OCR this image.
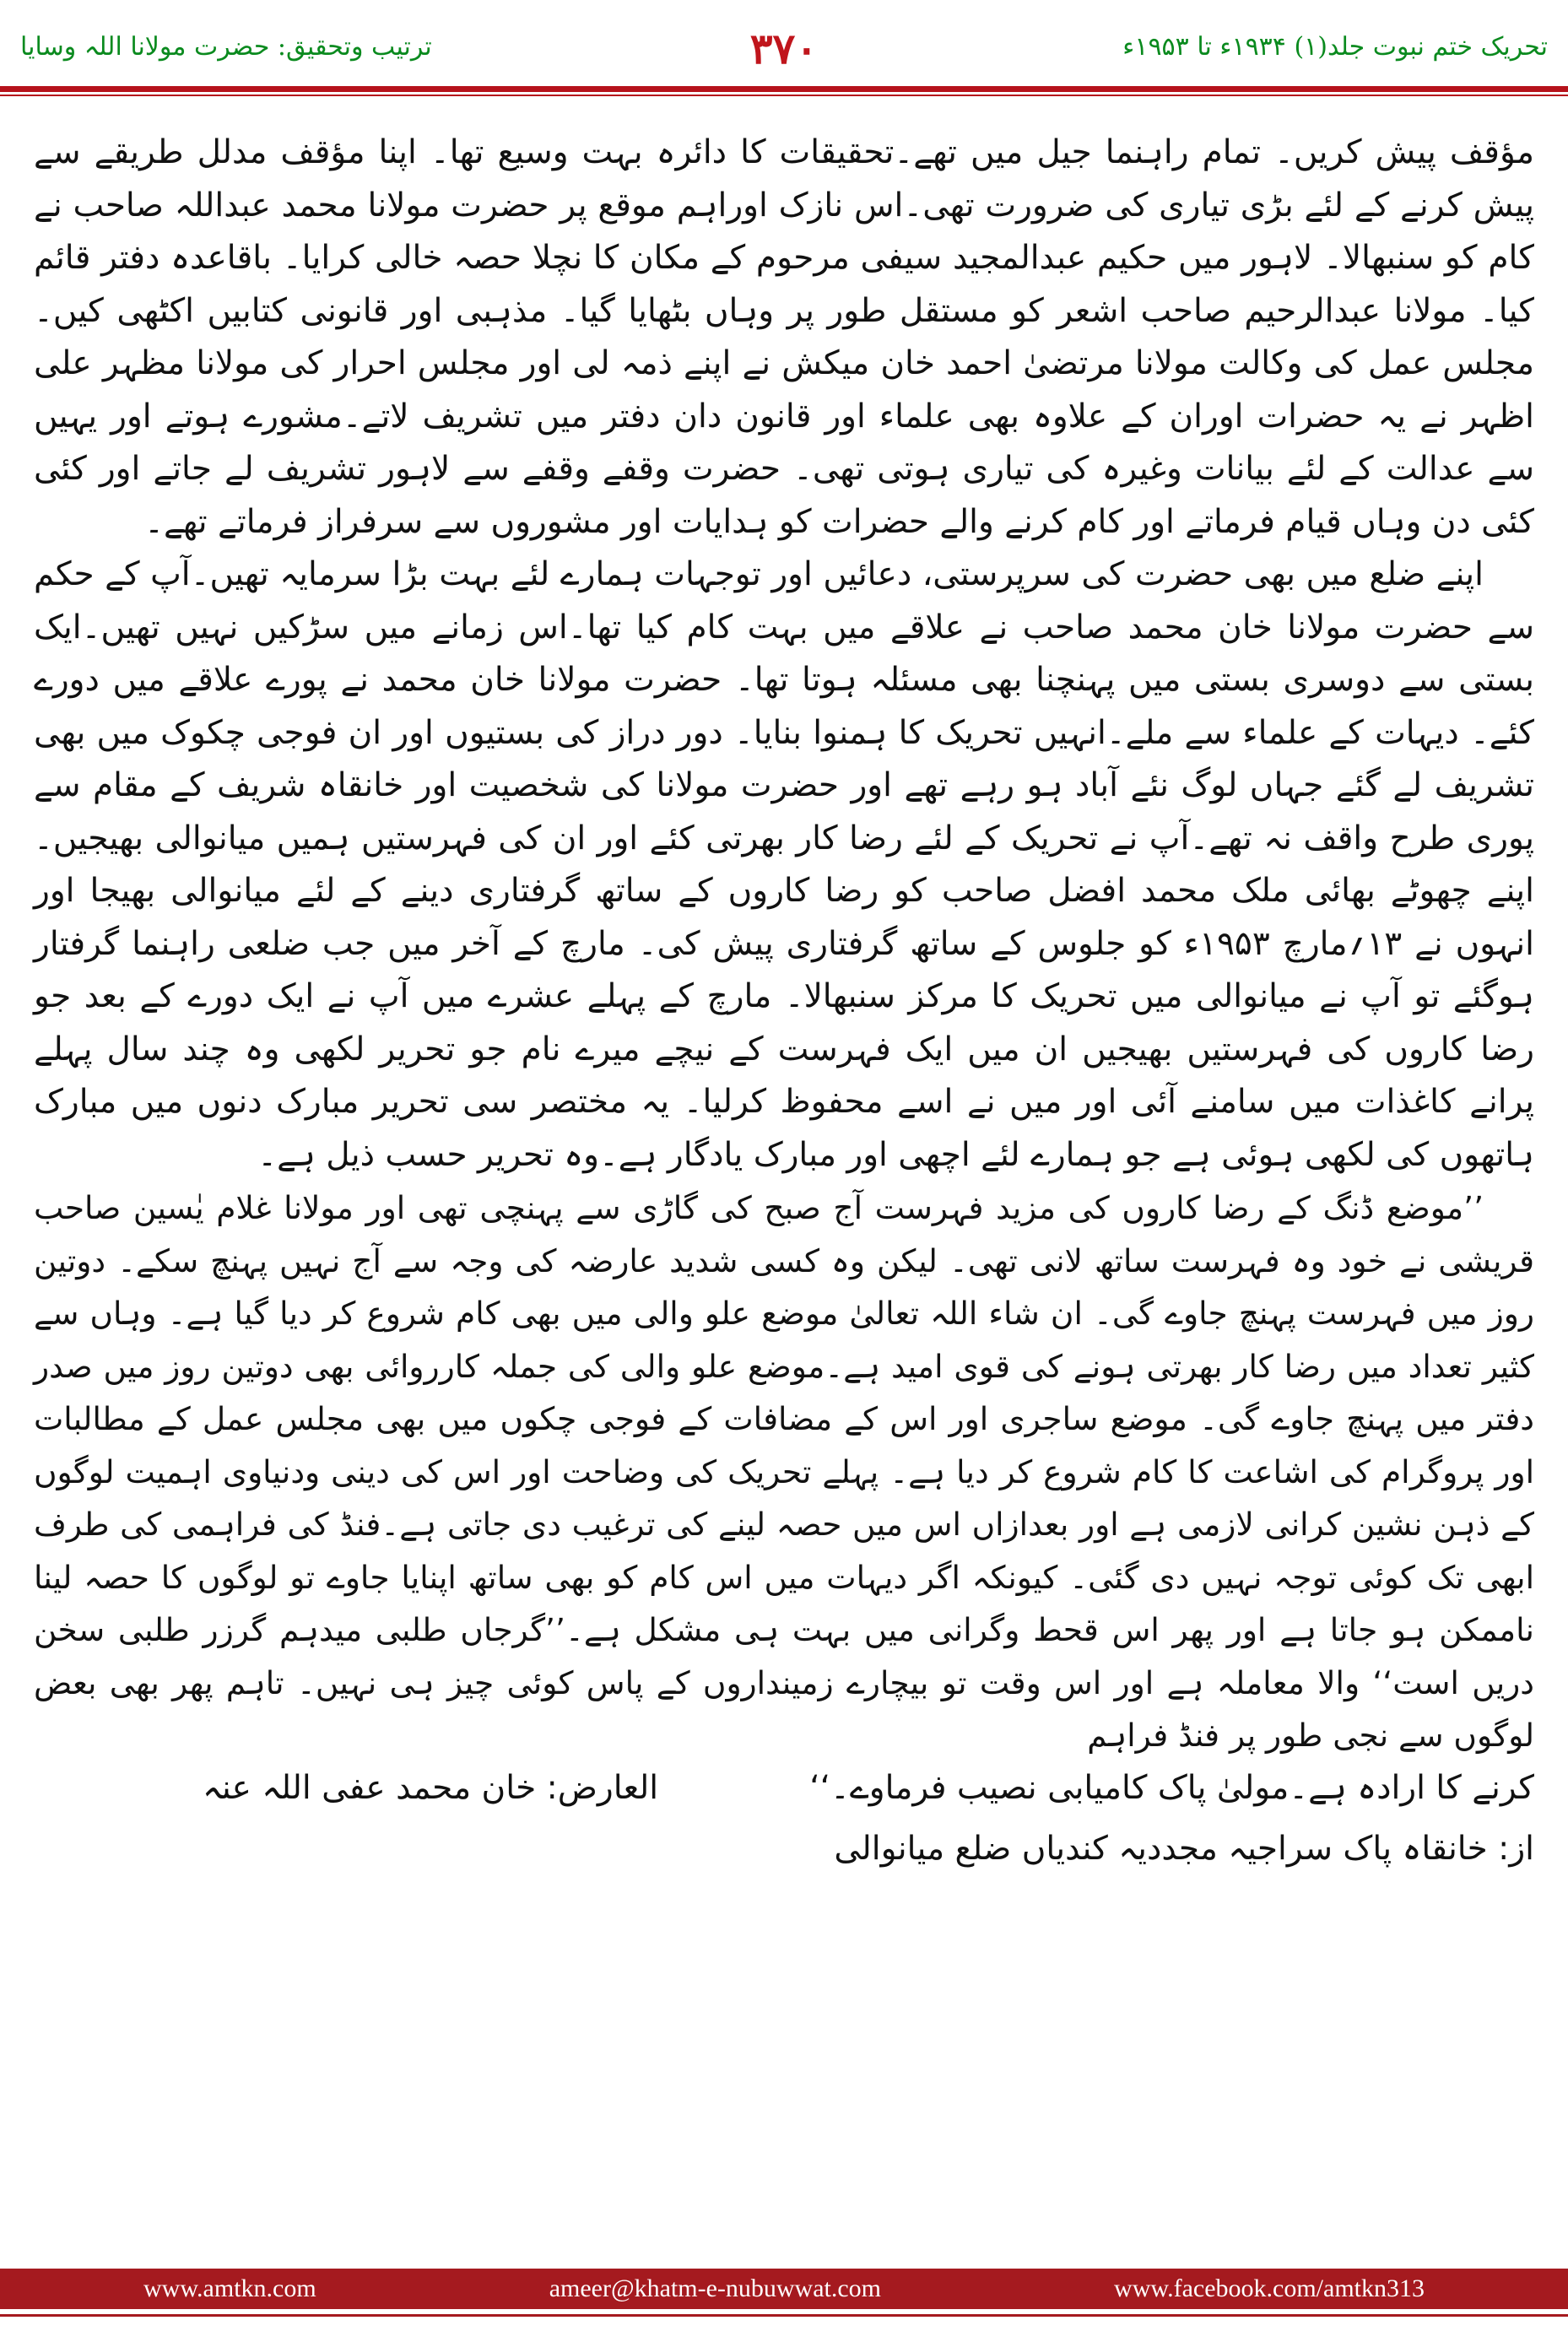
ترتیب وتحقیق: حضرت مولانا اللہ وسایا	۳۷۰	تحریک ختم نبوت جلد(۱) ۱۹۳۴ء تا ۱۹۵۳ء

مؤقف پیش کریں۔ تمام راہنما جیل میں تھے۔تحقیقات کا دائرہ بہت وسیع تھا۔ اپنا مؤقف مدلل طریقے سے پیش کرنے کے لئے بڑی تیاری کی ضرورت تھی۔اس نازک اوراہم موقع پر حضرت مولانا محمد عبداللہ صاحب نے کام کو سنبھالا۔ لاہور میں حکیم عبدالمجید سیفی مرحوم کے مکان کا نچلا حصہ خالی کرایا۔ باقاعدہ دفتر قائم کیا۔ مولانا عبدالرحیم صاحب اشعر کو مستقل طور پر وہاں بٹھایا گیا۔ مذہبی اور قانونی کتابیں اکٹھی کیں۔ مجلس عمل کی وکالت مولانا مرتضیٰ احمد خان میکش نے اپنے ذمہ لی اور مجلس احرار کی مولانا مظہر علی اظہر نے یہ حضرات اوران کے علاوہ بھی علماء اور قانون دان دفتر میں تشریف لاتے۔مشورے ہوتے اور یہیں سے عدالت کے لئے بیانات وغیرہ کی تیاری ہوتی تھی۔ حضرت وقفے وقفے سے لاہور تشریف لے جاتے اور کئی کئی دن وہاں قیام فرماتے اور کام کرنے والے حضرات کو ہدایات اور مشوروں سے سرفراز فرماتے تھے۔

اپنے ضلع میں بھی حضرت کی سرپرستی، دعائیں اور توجہات ہمارے لئے بہت بڑا سرمایہ تھیں۔آپ کے حکم سے حضرت مولانا خان محمد صاحب نے علاقے میں بہت کام کیا تھا۔اس زمانے میں سڑکیں نہیں تھیں۔ایک بستی سے دوسری بستی میں پہنچنا بھی مسئلہ ہوتا تھا۔ حضرت مولانا خان محمد نے پورے علاقے میں دورے کئے۔ دیہات کے علماء سے ملے۔انہیں تحریک کا ہمنوا بنایا۔ دور دراز کی بستیوں اور ان فوجی چکوک میں بھی تشریف لے گئے جہاں لوگ نئے آباد ہو رہے تھے اور حضرت مولانا کی شخصیت اور خانقاہ شریف کے مقام سے پوری طرح واقف نہ تھے۔آپ نے تحریک کے لئے رضا کار بھرتی کئے اور ان کی فہرستیں ہمیں میانوالی بھیجیں۔ اپنے چھوٹے بھائی ملک محمد افضل صاحب کو رضا کاروں کے ساتھ گرفتاری دینے کے لئے میانوالی بھیجا اور انہوں نے ۱۳؍مارچ ۱۹۵۳ء کو جلوس کے ساتھ گرفتاری پیش کی۔ مارچ کے آخر میں جب ضلعی راہنما گرفتار ہوگئے تو آپ نے میانوالی میں تحریک کا مرکز سنبھالا۔ مارچ کے پہلے عشرے میں آپ نے ایک دورے کے بعد جو رضا کاروں کی فہرستیں بھیجیں ان میں ایک فہرست کے نیچے میرے نام جو تحریر لکھی وہ چند سال پہلے پرانے کاغذات میں سامنے آئی اور میں نے اسے محفوظ کرلیا۔ یہ مختصر سی تحریر مبارک دنوں میں مبارک ہاتھوں کی لکھی ہوئی ہے جو ہمارے لئے اچھی اور مبارک یادگار ہے۔وہ تحریر حسب ذیل ہے۔

’’موضع ڈنگ کے رضا کاروں کی مزید فہرست آج صبح کی گاڑی سے پہنچی تھی اور مولانا غلام یٰسین صاحب قریشی نے خود وہ فہرست ساتھ لانی تھی۔ لیکن وہ کسی شدید عارضہ کی وجہ سے آج نہیں پہنچ سکے۔ دوتین روز میں فہرست پہنچ جاوے گی۔ ان شاء اللہ تعالیٰ موضع علو والی میں بھی کام شروع کر دیا گیا ہے۔ وہاں سے کثیر تعداد میں رضا کار بھرتی ہونے کی قوی امید ہے۔موضع علو والی کی جملہ کارروائی بھی دوتین روز میں صدر دفتر میں پہنچ جاوے گی۔ موضع ساجری اور اس کے مضافات کے فوجی چکوں میں بھی مجلس عمل کے مطالبات اور پروگرام کی اشاعت کا کام شروع کر دیا ہے۔ پہلے تحریک کی وضاحت اور اس کی دینی ودنیاوی اہمیت لوگوں کے ذہن نشین کرانی لازمی ہے اور بعدازاں اس میں حصہ لینے کی ترغیب دی جاتی ہے۔فنڈ کی فراہمی کی طرف ابھی تک کوئی توجہ نہیں دی گئی۔ کیونکہ اگر دیہات میں اس کام کو بھی ساتھ اپنایا جاوے تو لوگوں کا حصہ لینا ناممکن ہو جاتا ہے اور پھر اس قحط وگرانی میں بہت ہی مشکل ہے۔’’گرجاں طلبی میدہم گرزر طلبی سخن دریں است‘‘ والا معاملہ ہے اور اس وقت تو بیچارے زمینداروں کے پاس کوئی چیز ہی نہیں۔ تاہم پھر بھی بعض لوگوں سے نجی طور پر فنڈ فراہم

کرنے کا ارادہ ہے۔مولیٰ پاک کامیابی نصیب فرماوے۔‘‘
العارض: خان محمد عفی اللہ عنہ

از: خانقاہ پاک سراجیہ مجددیہ کندیاں ضلع میانوالی

www.amtkn.com	ameer@khatm-e-nubuwwat.com	www.facebook.com/amtkn313
